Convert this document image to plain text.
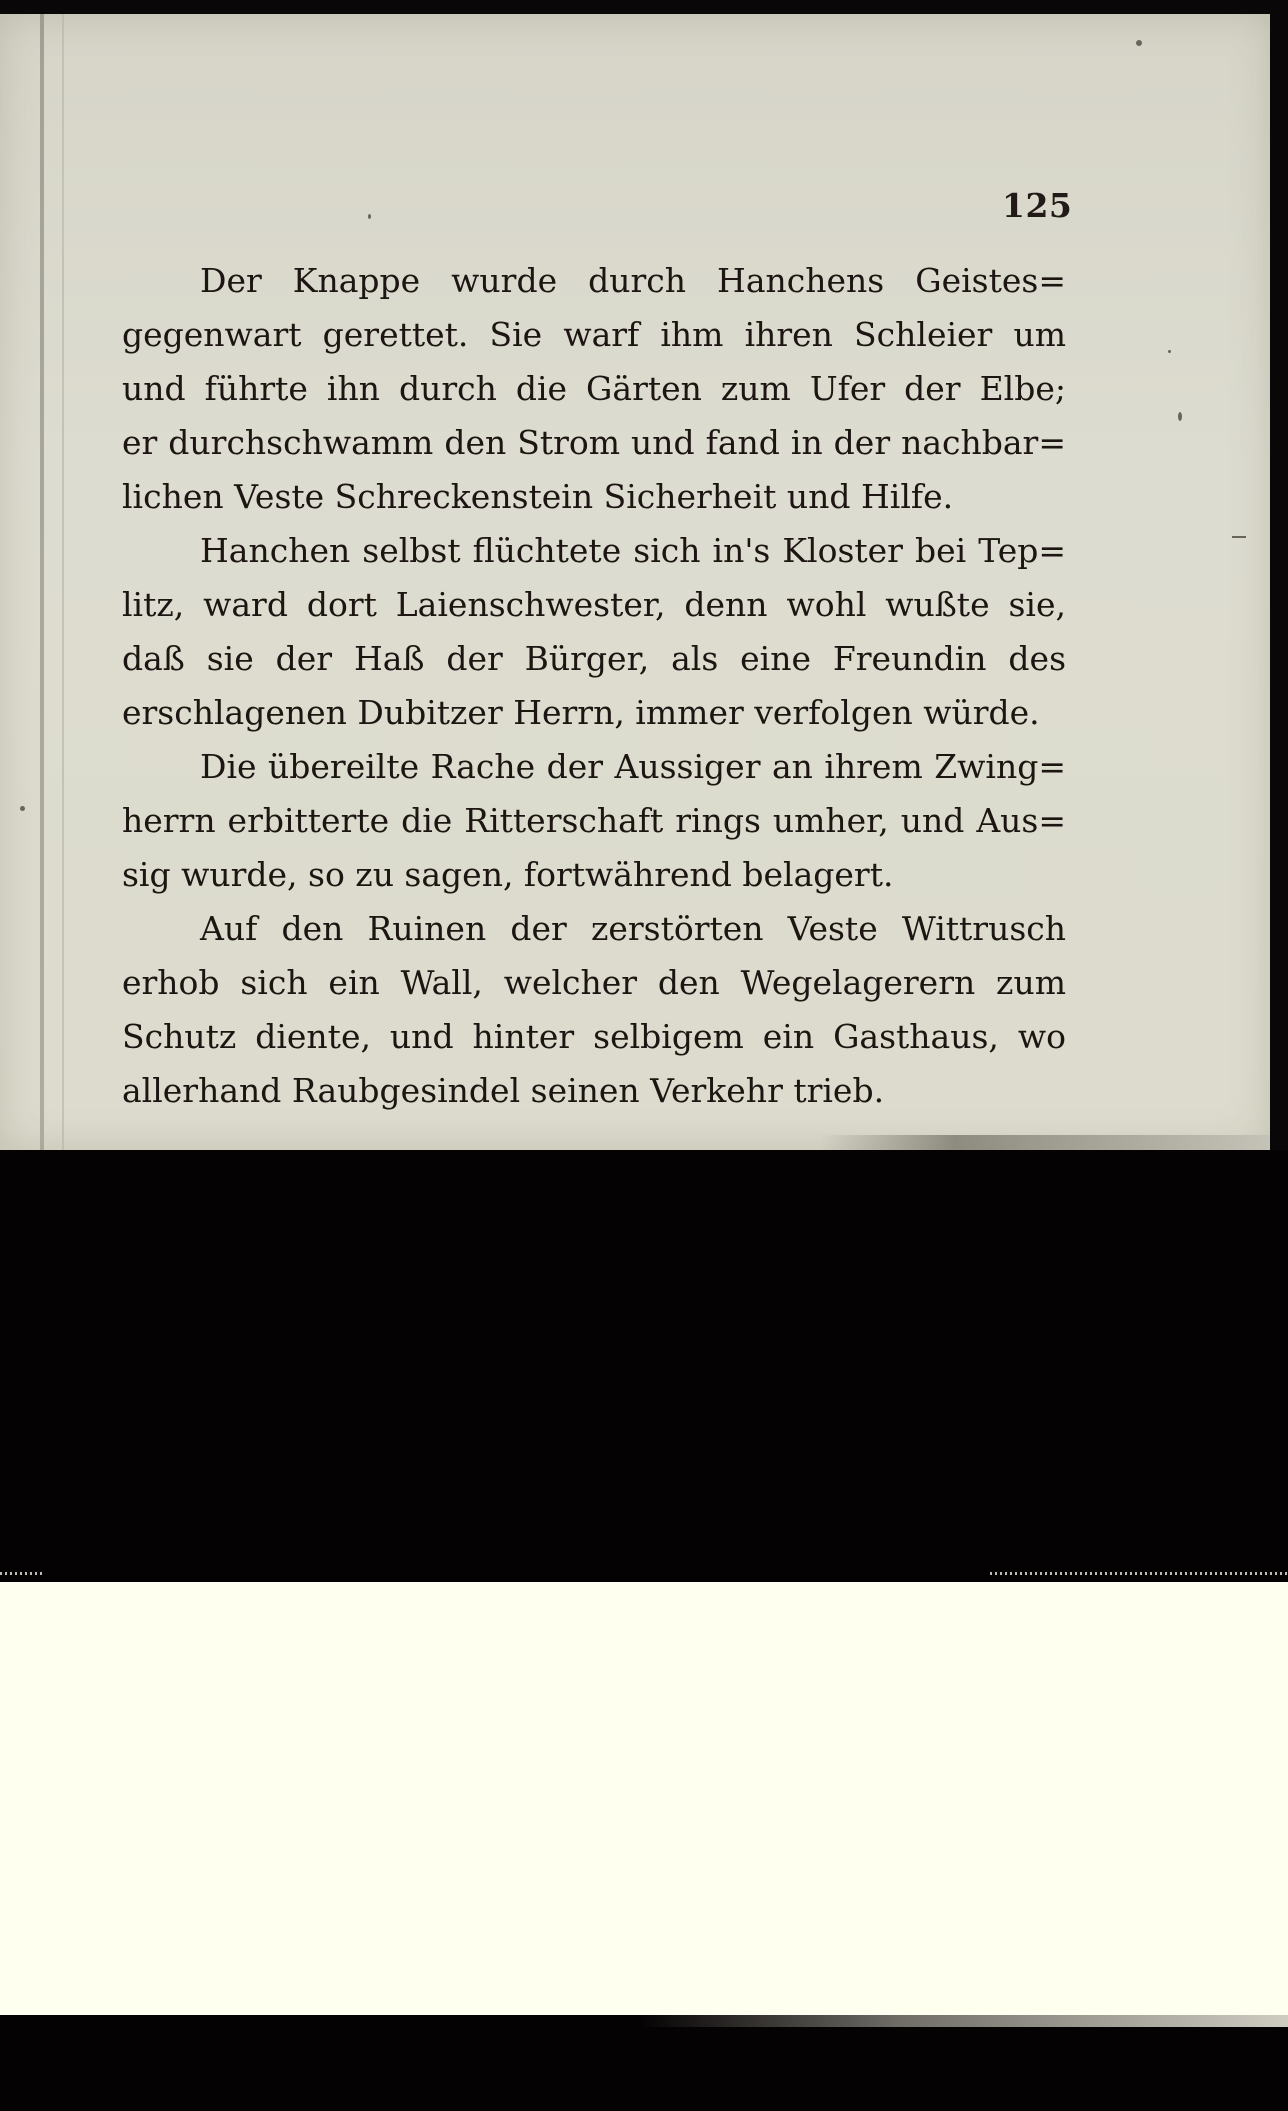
125
Der Knappe wurde durch Hanchens Geistes=
gegenwart gerettet. Sie warf ihm ihren Schleier um
und führte ihn durch die Gärten zum Ufer der Elbe;
er durchschwamm den Strom und fand in der nachbar=
lichen Veste Schreckenstein Sicherheit und Hilfe.
Hanchen selbst flüchtete sich in's Kloster bei Tep=
litz, ward dort Laienschwester, denn wohl wußte sie,
daß sie der Haß der Bürger, als eine Freundin des
erschlagenen Dubitzer Herrn, immer verfolgen würde.
Die übereilte Rache der Aussiger an ihrem Zwing=
herrn erbitterte die Ritterschaft rings umher, und Aus=
sig wurde, so zu sagen, fortwährend belagert.
Auf den Ruinen der zerstörten Veste Wittrusch
erhob sich ein Wall, welcher den Wegelagerern zum
Schutz diente, und hinter selbigem ein Gasthaus, wo
allerhand Raubgesindel seinen Verkehr trieb.
